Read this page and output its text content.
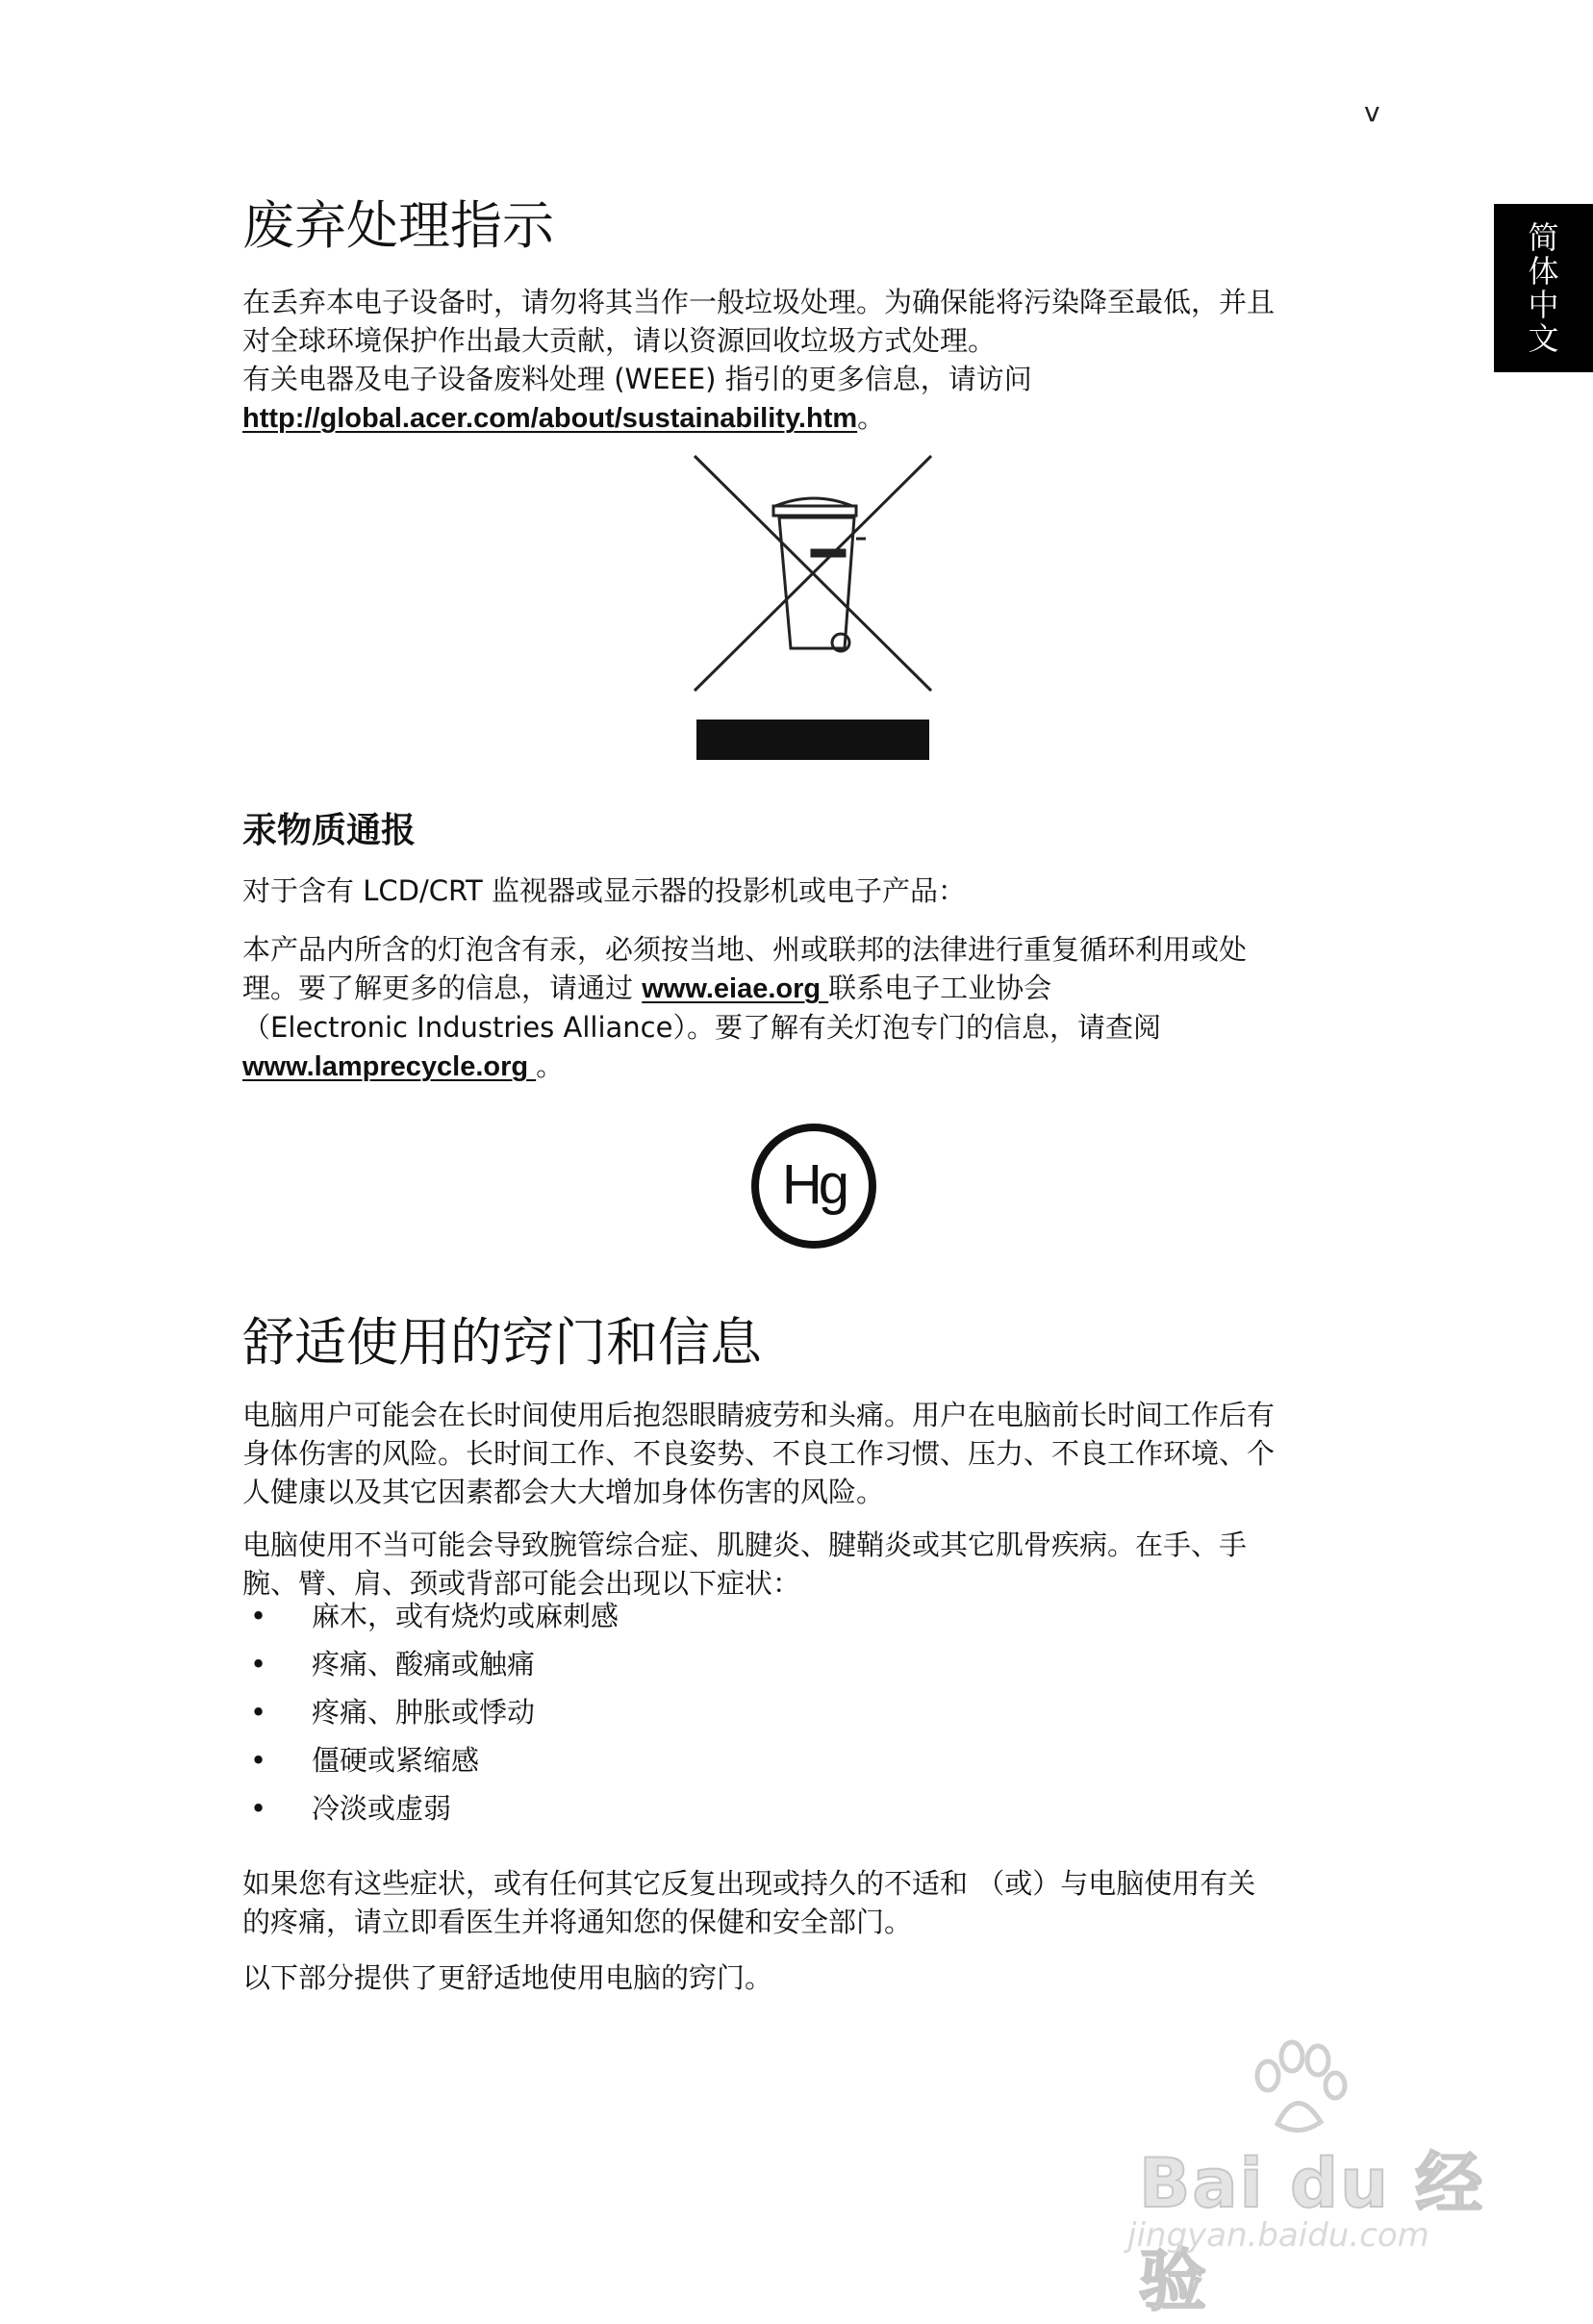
v
简
体
中
文
废弃处理指示

在丢弃本电子设备时，请勿将其当作一般垃圾处理。为确保能将污染降至最低，并且

对全球环境保护作出最大贡献，请以资源回收垃圾方式处理。

有关电器及电子设备废料处理 (WEEE) 指引的更多信息，请访问

http://global.acer.com/about/sustainability.htm。

汞物质通报

对于含有 LCD/CRT 监视器或显示器的投影机或电子产品：

本产品内所含的灯泡含有汞，必须按当地、州或联邦的法律进行重复循环利用或处

理。要了解更多的信息，请通过 www.eiae.org 联系电子工业协会

（Electronic Industries Alliance）。要了解有关灯泡专门的信息，请查阅

www.lamprecycle.org 。

Hg
舒适使用的窍门和信息

电脑用户可能会在长时间使用后抱怨眼睛疲劳和头痛。用户在电脑前长时间工作后有

身体伤害的风险。长时间工作、不良姿势、不良工作习惯、压力、不良工作环境、个

人健康以及其它因素都会大大增加身体伤害的风险。

电脑使用不当可能会导致腕管综合症、肌腱炎、腱鞘炎或其它肌骨疾病。在手、手

腕、臂、肩、颈或背部可能会出现以下症状：

• 麻木，或有烧灼或麻刺感
• 疼痛、酸痛或触痛
• 疼痛、肿胀或悸动
• 僵硬或紧缩感
• 冷淡或虚弱

如果您有这些症状，或有任何其它反复出现或持久的不适和 （或）与电脑使用有关

的疼痛，请立即看医生并将通知您的保健和安全部门。

以下部分提供了更舒适地使用电脑的窍门。

Bai du 经验
jingyan.baidu.com
